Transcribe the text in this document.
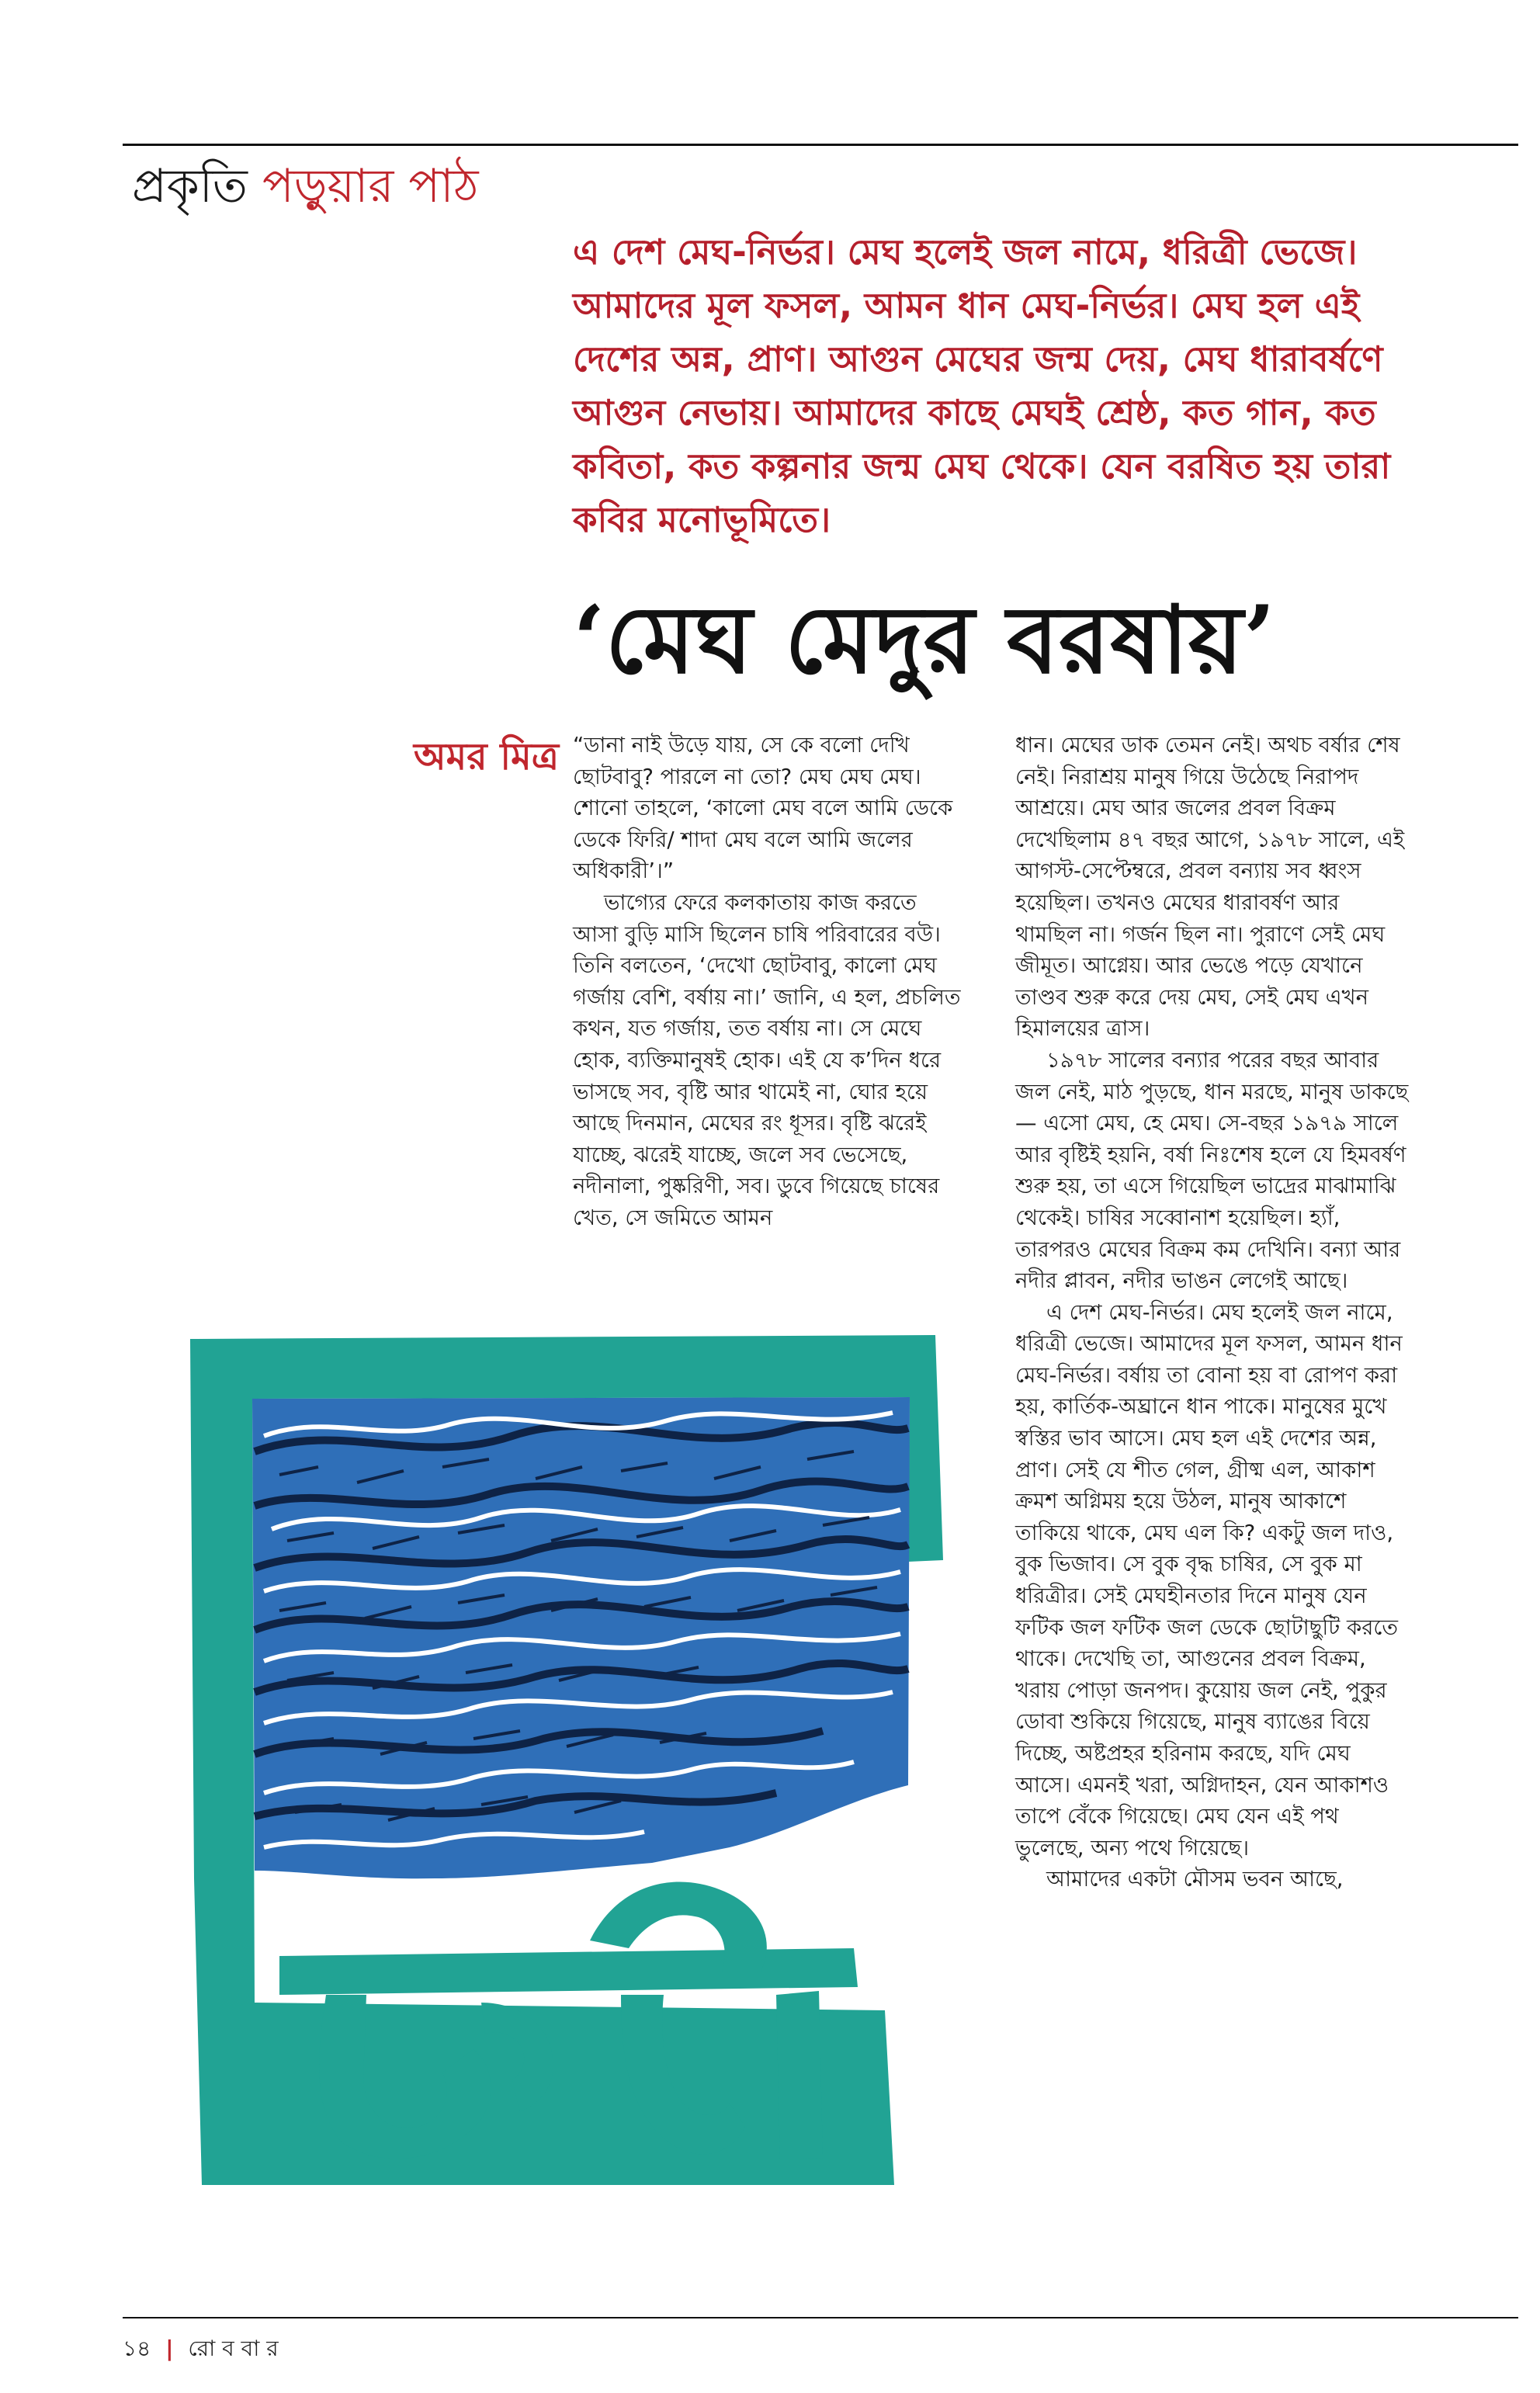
প্রকৃতি পড়ুয়ার পাঠ

এ দেশ মেঘ-নির্ভর। মেঘ হলেই জল নামে, ধরিত্রী ভেজে। আমাদের মূল ফসল, আমন ধান মেঘ-নির্ভর। মেঘ হল এই দেশের অন্ন, প্রাণ। আগুন মেঘের জন্ম দেয়, মেঘ ধারাবর্ষণে আগুন নেভায়। আমাদের কাছে মেঘই শ্রেষ্ঠ, কত গান, কত কবিতা, কত কল্পনার জন্ম মেঘ থেকে। যেন বরষিত হয় তারা কবির মনোভূমিতে।

‘মেঘ মেদুর বরষায়’
অমর মিত্র “ডানা নাই উড়ে যায়, সে কে বলো দেখি ছোটবাবু? পারলে না তো? মেঘ মেঘ মেঘ। শোনো তাহলে, ‘কালো মেঘ বলে আমি ডেকে ডেকে ফিরি/ শাদা মেঘ বলে আমি জলের অধিকারী’।”

ভাগ্যের ফেরে কলকাতায় কাজ করতে আসা বুড়ি মাসি ছিলেন চাষি পরিবারের বউ। তিনি বলতেন, ‘দেখো ছোটবাবু, কালো মেঘ গর্জায় বেশি, বর্ষায় না।’ জানি, এ হল, প্রচলিত কথন, যত গর্জায়, তত বর্ষায় না। সে মেঘে হোক, ব্যক্তিমানুষই হোক। এই যে ক’দিন ধরে ভাসছে সব, বৃষ্টি আর থামেই না, ঘোর হয়ে আছে দিনমান, মেঘের রং ধূসর। বৃষ্টি ঝরেই যাচ্ছে, ঝরেই যাচ্ছে, জলে সব ভেসেছে, নদীনালা, পুষ্করিণী, সব। ডুবে গিয়েছে চাষের খেত, সে জমিতে আমন

ধান। মেঘের ডাক তেমন নেই। অথচ বর্ষার শেষ নেই। নিরাশ্রয় মানুষ গিয়ে উঠেছে নিরাপদ আশ্রয়ে। মেঘ আর জলের প্রবল বিক্রম দেখেছিলাম ৪৭ বছর আগে, ১৯৭৮ সালে, এই আগস্ট-সেপ্টেম্বরে, প্রবল বন্যায় সব ধ্বংস হয়েছিল। তখনও মেঘের ধারাবর্ষণ আর থামছিল না। গর্জন ছিল না। পুরাণে সেই মেঘ জীমূত। আগ্নেয়। আর ভেঙে পড়ে যেখানে তাণ্ডব শুরু করে দেয় মেঘ, সেই মেঘ এখন হিমালয়ের ত্রাস।

১৯৭৮ সালের বন্যার পরের বছর আবার জল নেই, মাঠ পুড়ছে, ধান মরছে, মানুষ ডাকছে— এসো মেঘ, হে মেঘ। সে-বছর ১৯৭৯ সালে আর বৃষ্টিই হয়নি, বর্ষা নিঃশেষ হলে যে হিমবর্ষণ শুরু হয়, তা এসে গিয়েছিল ভাদ্রের মাঝামাঝি থেকেই। চাষির সব্বোনাশ হয়েছিল। হ্যাঁ, তারপরও মেঘের বিক্রম কম দেখিনি। বন্যা আর নদীর প্লাবন, নদীর ভাঙন লেগেই আছে।

এ দেশ মেঘ-নির্ভর। মেঘ হলেই জল নামে, ধরিত্রী ভেজে। আমাদের মূল ফসল, আমন ধান মেঘ-নির্ভর। বর্ষায় তা বোনা হয় বা রোপণ করা হয়, কার্তিক-অঘ্রানে ধান পাকে। মানুষের মুখে স্বস্তির ভাব আসে। মেঘ হল এই দেশের অন্ন, প্রাণ। সেই যে শীত গেল, গ্রীষ্ম এল, আকাশ ক্রমশ অগ্নিময় হয়ে উঠল, মানুষ আকাশে তাকিয়ে থাকে, মেঘ এল কি? একটু জল দাও, বুক ভিজাব। সে বুক বৃদ্ধ চাষির, সে বুক মা ধরিত্রীর। সেই মেঘহীনতার দিনে মানুষ যেন ফটিক জল ফটিক জল ডেকে ছোটাছুটি করতে থাকে। দেখেছি তা, আগুনের প্রবল বিক্রম, খরায় পোড়া জনপদ। কুয়োয় জল নেই, পুকুর ডোবা শুকিয়ে গিয়েছে, মানুষ ব্যাঙের বিয়ে দিচ্ছে, অষ্টপ্রহর হরিনাম করছে, যদি মেঘ আসে। এমনই খরা, অগ্নিদাহন, যেন আকাশও তাপে বেঁকে গিয়েছে। মেঘ যেন এই পথ ভুলেছে, অন্য পথে গিয়েছে।

আমাদের একটা মৌসম ভবন আছে,

১৪ | রো ব বা র
